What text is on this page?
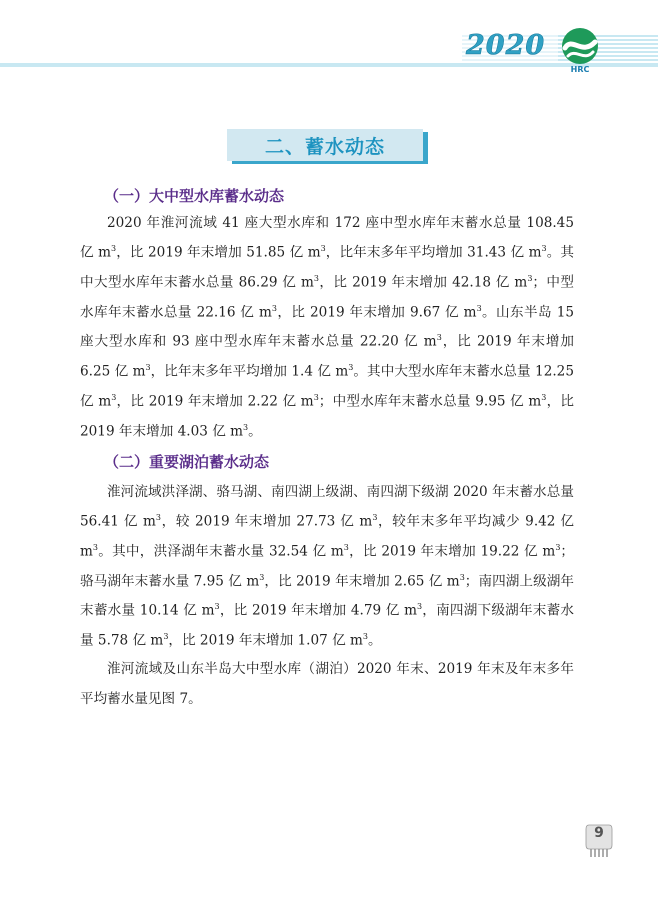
2020
HRC
二、蓄水动态
（一）大中型水库蓄水动态

2020 年淮河流域 41 座大型水库和 172 座中型水库年末蓄水总量 108.45 亿 $m^3$，比 2019 年末增加 51.85 亿 $m^3$，比年末多年平均增加 31.43 亿 $m^3$。其中大型水库年末蓄水总量 86.29 亿 $m^3$，比 2019 年末增加 42.18 亿 $m^3$；中型水库年末蓄水总量 22.16 亿 $m^3$，比 2019 年末增加 9.67 亿 $m^3$。山东半岛 15 座大型水库和 93 座中型水库年末蓄水总量 22.20 亿 $m^3$，比 2019 年末增加 6.25 亿 $m^3$，比年末多年平均增加 1.4 亿 $m^3$。其中大型水库年末蓄水总量 12.25 亿 $m^3$，比 2019 年末增加 2.22 亿 $m^3$；中型水库年末蓄水总量 9.95 亿 $m^3$，比 2019 年末增加 4.03 亿 $m^3$。

（二）重要湖泊蓄水动态

淮河流域洪泽湖、骆马湖、南四湖上级湖、南四湖下级湖 2020 年末蓄水总量 56.41 亿 $m^3$，较 2019 年末增加 27.73 亿 $m^3$，较年末多年平均减少 9.42 亿 $m^3$。其中，洪泽湖年末蓄水量 32.54 亿 $m^3$，比 2019 年末增加 19.22 亿 $m^3$；骆马湖年末蓄水量 7.95 亿 $m^3$，比 2019 年末增加 2.65 亿 $m^3$；南四湖上级湖年末蓄水量 10.14 亿 $m^3$，比 2019 年末增加 4.79 亿 $m^3$，南四湖下级湖年末蓄水量 5.78 亿 $m^3$，比 2019 年末增加 1.07 亿 $m^3$。

淮河流域及山东半岛大中型水库（湖泊）2020 年末、2019 年末及年末多年平均蓄水量见图 7。

9
